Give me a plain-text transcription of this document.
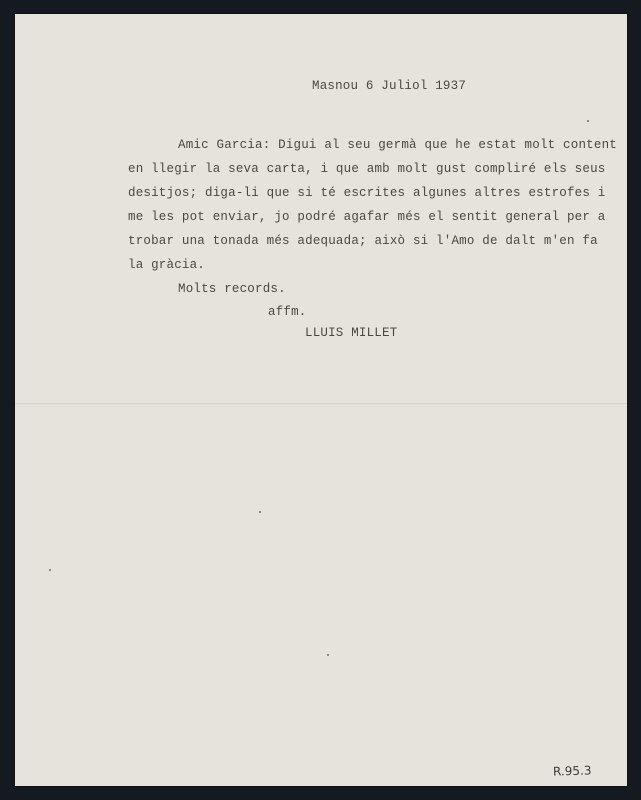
Masnou 6 Juliol 1937
Amic Garcia: Digui al seu germà que he estat molt content
en llegir la seva carta, i que amb molt gust compliré els seus
desitjos; diga-li que si té escrites algunes altres estrofes i
me les pot enviar, jo podré agafar més el sentit general per a
trobar una tonada més adequada; això si l'Amo de dalt m'en fa
la gràcia.
Molts records.
affm.
LLUIS MILLET
R.95.3
